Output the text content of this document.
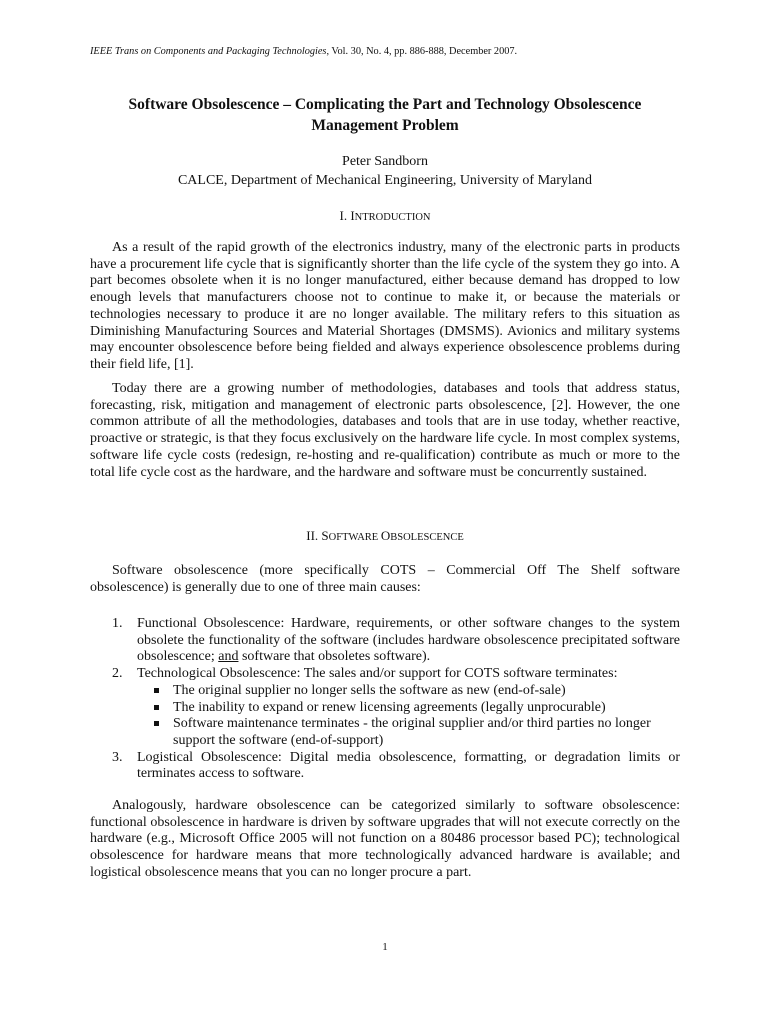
IEEE Trans on Components and Packaging Technologies, Vol. 30, No. 4, pp. 886-888, December 2007.
Software Obsolescence – Complicating the Part and Technology Obsolescence
Management Problem
Peter Sandborn
CALCE, Department of Mechanical Engineering, University of Maryland
I. INTRODUCTION

As a result of the rapid growth of the electronics industry, many of the electronic parts in products have a procurement life cycle that is significantly shorter than the life cycle of the system they go into. A part becomes obsolete when it is no longer manufactured, either because demand has dropped to low enough levels that manufacturers choose not to continue to make it, or because the materials or technologies necessary to produce it are no longer available. The military refers to this situation as Diminishing Manufacturing Sources and Material Shortages (DMSMS). Avionics and military systems may encounter obsolescence before being fielded and always experience obsolescence problems during their field life, [1].

Today there are a growing number of methodologies, databases and tools that address status, forecasting, risk, mitigation and management of electronic parts obsolescence, [2]. However, the one common attribute of all the methodologies, databases and tools that are in use today, whether reactive, proactive or strategic, is that they focus exclusively on the hardware life cycle. In most complex systems, software life cycle costs (redesign, re-hosting and re-qualification) contribute as much or more to the total life cycle cost as the hardware, and the hardware and software must be concurrently sustained.

II. SOFTWARE OBSOLESCENCE

Software obsolescence (more specifically COTS – Commercial Off The Shelf software obsolescence) is generally due to one of three main causes:

1. Functional Obsolescence: Hardware, requirements, or other software changes to the system obsolete the functionality of the software (includes hardware obsolescence precipitated software obsolescence; and software that obsoletes software).
2. Technological Obsolescence: The sales and/or support for COTS software terminates:
The original supplier no longer sells the software as new (end-of-sale)
The inability to expand or renew licensing agreements (legally unprocurable)
Software maintenance terminates - the original supplier and/or third parties no longer support the software (end-of-support)
3. Logistical Obsolescence: Digital media obsolescence, formatting, or degradation limits or terminates access to software.

Analogously, hardware obsolescence can be categorized similarly to software obsolescence: functional obsolescence in hardware is driven by software upgrades that will not execute correctly on the hardware (e.g., Microsoft Office 2005 will not function on a 80486 processor based PC); technological obsolescence for hardware means that more technologically advanced hardware is available; and logistical obsolescence means that you can no longer procure a part.

1
